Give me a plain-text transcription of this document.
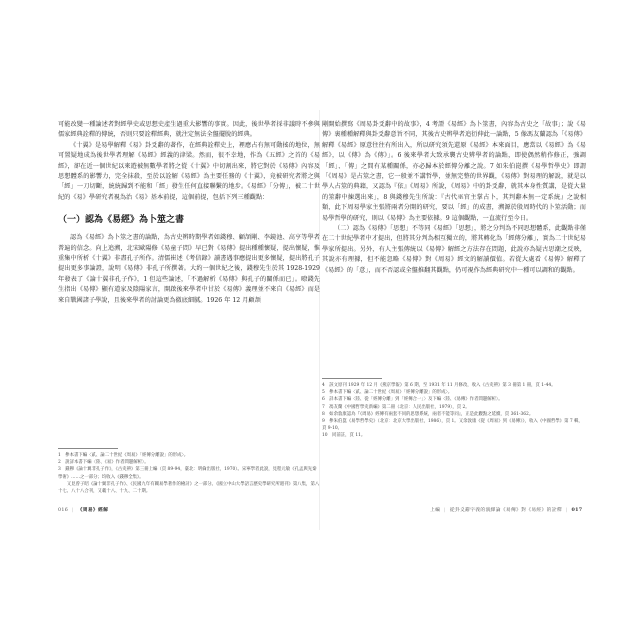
可能改變一種論述者對經學史或思想史產生過重大影響的事實。因此，後世學者採非議時不參與儒家經典詮釋的傳統，否則只要詮釋經典，就注定無法全盤擺脫的經典。

《十翼》是易學解釋《易》卦爻辭的著作，在經典詮釋史上，裡應占有無可動搖的地位，無可置疑地成為後世學者理解《易經》經義的津梁。然而，很不幸地，作為《五經》之首的《易經》，卻在近一個世紀以來遊被無數學者將之從《十翼》中切割出來，將它對於《易傳》內容及思想體系的影響力，完全抹殺，至於以詮解《易經》為主要任務的《十翼》，竟被研究者將之與「經」一刀切斷，統統歸到不能和「經」發生任何直接聯繫的地步。《易經》「分傳」，被二十世紀的《易》學研究者視為治《易》基本前提，這個前提，包括下列三種觀點：

（一）認為《易經》為卜筮之書

認為《易經》為卜筮之書的論點，為古史辨時期學者如錢穆、顧頡剛、李鏡池、高亨等學者普遍的信念。向上追溯，北宋歐陽修《易童子問》早已對《易傳》提出種種懷疑，提出懷疑，惟重集中所析《十翼》非盡孔子所作。清儒崔述《考信錄》讀書遇事應提出更多懷疑，提出將孔子提出更多事論證，說明《易傳》非孔子所撰著。大約一個世紀之後，錢穆先生於其 1928-1929 年發表了《論十翼非孔子作》，1 但這些論述，「不過解析《易傳》與孔子的關係而已」。暸錢先生指出《易傳》顯有道家及陰陽家言，開啟後來學者中甘於《易傳》義理並不來自《易經》而是來自戰國諸子學說，且後來學者的討論更為徹底細膩。1926 年 12 月顧頡

1　參本書下編〈貳、論二十世紀《周易》「經傳分離說」的形成〉。
2　說詳本書下編〈陸、《易》作者問題解析〉。
3　錢穆《論十翼非孔子作》，《古史辨》第三冊上編（頁 89-94，臺北：明倫出版社，1970）。宋寧學者此說，見程元敏《孔孟與先秦學術》……之一部分；均收入《錢穆全集》。
　　又見曾子昭《論十翼非孔子作》、《民國九年有關易學著作的檢討》之一部分。《國立中山大學語言歷史學研究所週刊》第八集，第八十七、八十八合刊，又載十八、十九、二十期。
016 | 《周易》經解

剛開始撰寫《周易卦爻辭中的故事》，4 考證《易經》為卜筮書，內容為古史之「故事」；說《易傳》裏種種解釋與卦爻辭意旨不同，其後古史辨學者追衍伸此一論點，5 像馮友蘭認為「《易傳》解釋《易經》原意往往有所出入，所以研究須先還原《易經》本來面目，應當以《易經》為《易經》，以《傳》為《傳》」。6 後來學者大致承襲古史辨學者的論點，即使偶然稍作修正，強調「經」、「傳」之間有某種關係，亦必歸本於經傳分離之說。7 如朱伯崑撰《易學哲學史》即謂「《周易》是占筮之書，它一般並不講哲學，並無完整的世界觀，《易傳》對易理的解說，就是以學人占筮的典籍，又認為『依』《周易》所說，《周易》中的卦爻辭，就其本身性質講，是從大量的筮辭中揀選出來」，8 與錢穆先生所說：『古代巫官主掌占卜，其判辭本無一定系統』之說相類，此下周易學家主張將兩者分開的研究，要以「經」的成書，溯源於殷周時代的卜筮活動；而易學哲學的研究，則以《易傳》為主要依據。9 這個觀點，一直流行至今日。

（二）認為《易傳》「思想」不等同《易經》「思想」，將之分判為不同思想體系，此觀點非僅在二十世紀學者中才提出，但將其分判為相互獨立的，將其轉化為「經傳分離」，實為二十世紀易學家所提出。另外，有人主張傳統以《易傳》解經之方法存在問題，此說亦為疑古思潮之反映，其說亦有理據，但不能忽略《易傳》對《周易》經文的解讀價值。若從大處看《易傳》解釋了《易經》的「意」，而不否認或全盤推翻其觀點，仍可視作為經典研究中一種可以調和的觀點。

4　該文原刊 1929 年 12 月《燕京學報》第 6 期，至 1931 年 11 月修改，收入《古史辨》第 3 冊第 1 冊，頁 1-44。
5　參本書下編〈貳、論二十世紀《周易》「經傳分離說」的形成〉。
6　詳本書下編〈陸、從「經傳分離」到「經傳合一」〉及下編〈陸、《易傳》作者問題解析〉。
7　馮友蘭《中國哲學史新編》第二冊（北京：人民出版社，1979），頁 2。
8　如余敦康認為『《周易》經傳有兩套不同的思想系統，兩者不能等同』，正是此觀點之延續，頁 361-362。
9　參朱伯崑《易學哲學史》（北京：北京大學出版社，1986），頁 1。又余敦康《從《周易》到《易傳》》，收入《中國哲學》第 7 輯，頁 9-10。
10　同前註，頁 11。
上編 | 從卦爻辭字義的演繹論《易傳》對《易經》的詮釋 | 017
